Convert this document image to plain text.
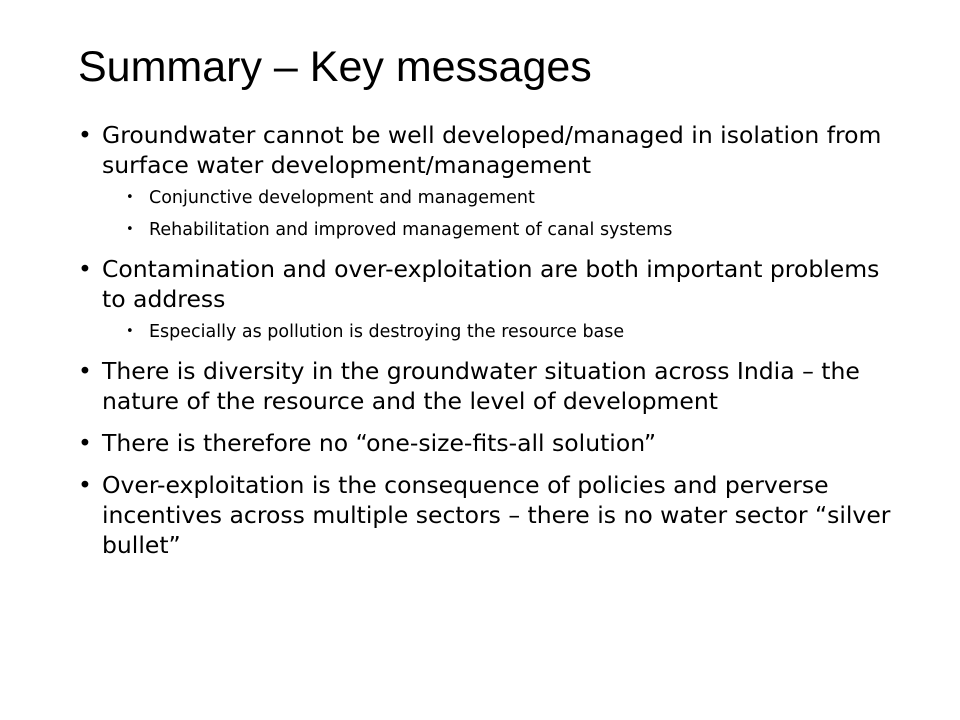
Summary – Key messages
• Groundwater cannot be well developed/managed in isolation from surface water development/management
• Conjunctive development and management
• Rehabilitation and improved management of canal systems
• Contamination and over-exploitation are both important problems to address
• Especially as pollution is destroying the resource base
• There is diversity in the groundwater situation across India – the nature of the resource and the level of development
• There is therefore no “one-size-fits-all solution”
• Over-exploitation is the consequence of policies and perverse incentives across multiple sectors – there is no water sector “silver bullet”
